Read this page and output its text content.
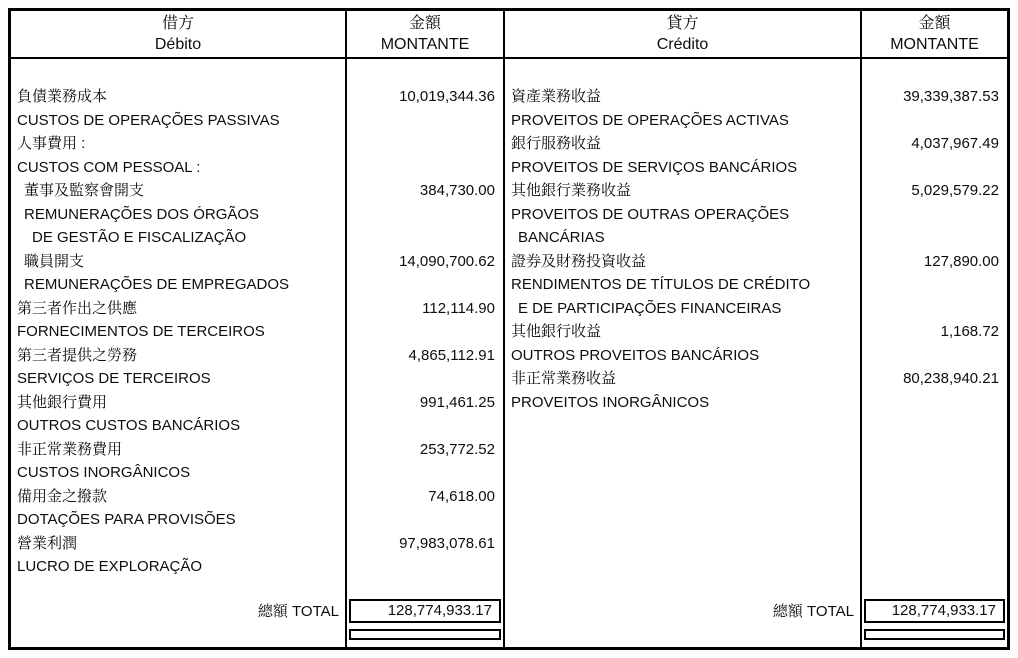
借方
Débito
金額
MONTANTE
貸方
Crédito
金額
MONTANTE
負債業務成本
CUSTOS DE OPERAÇÕES PASSIVAS
人事費用 :
CUSTOS COM PESSOAL :
董事及監察會開支
REMUNERAÇÕES DOS ÓRGÃOS
DE GESTÃO E FISCALIZAÇÃO
職員開支
REMUNERAÇÕES DE EMPREGADOS
第三者作出之供應
FORNECIMENTOS DE TERCEIROS
第三者提供之勞務
SERVIÇOS DE TERCEIROS
其他銀行費用
OUTROS CUSTOS BANCÁRIOS
非正常業務費用
CUSTOS INORGÂNICOS
備用金之撥款
DOTAÇÕES PARA PROVISÕES
營業利潤
LUCRO DE EXPLORAÇÃO
總額 TOTAL
10,019,344.36
384,730.00
14,090,700.62
112,114.90
4,865,112.91
991,461.25
253,772.52
74,618.00
97,983,078.61
128,774,933.17
資產業務收益
PROVEITOS DE OPERAÇÕES ACTIVAS
銀行服務收益
PROVEITOS DE SERVIÇOS BANCÁRIOS
其他銀行業務收益
PROVEITOS DE OUTRAS OPERAÇÕES
BANCÁRIAS
證券及財務投資收益
RENDIMENTOS DE TÍTULOS DE CRÉDITO
E DE PARTICIPAÇÕES FINANCEIRAS
其他銀行收益
OUTROS PROVEITOS BANCÁRIOS
非正常業務收益
PROVEITOS INORGÂNICOS
總額 TOTAL
39,339,387.53
4,037,967.49
5,029,579.22
127,890.00
1,168.72
80,238,940.21
128,774,933.17
